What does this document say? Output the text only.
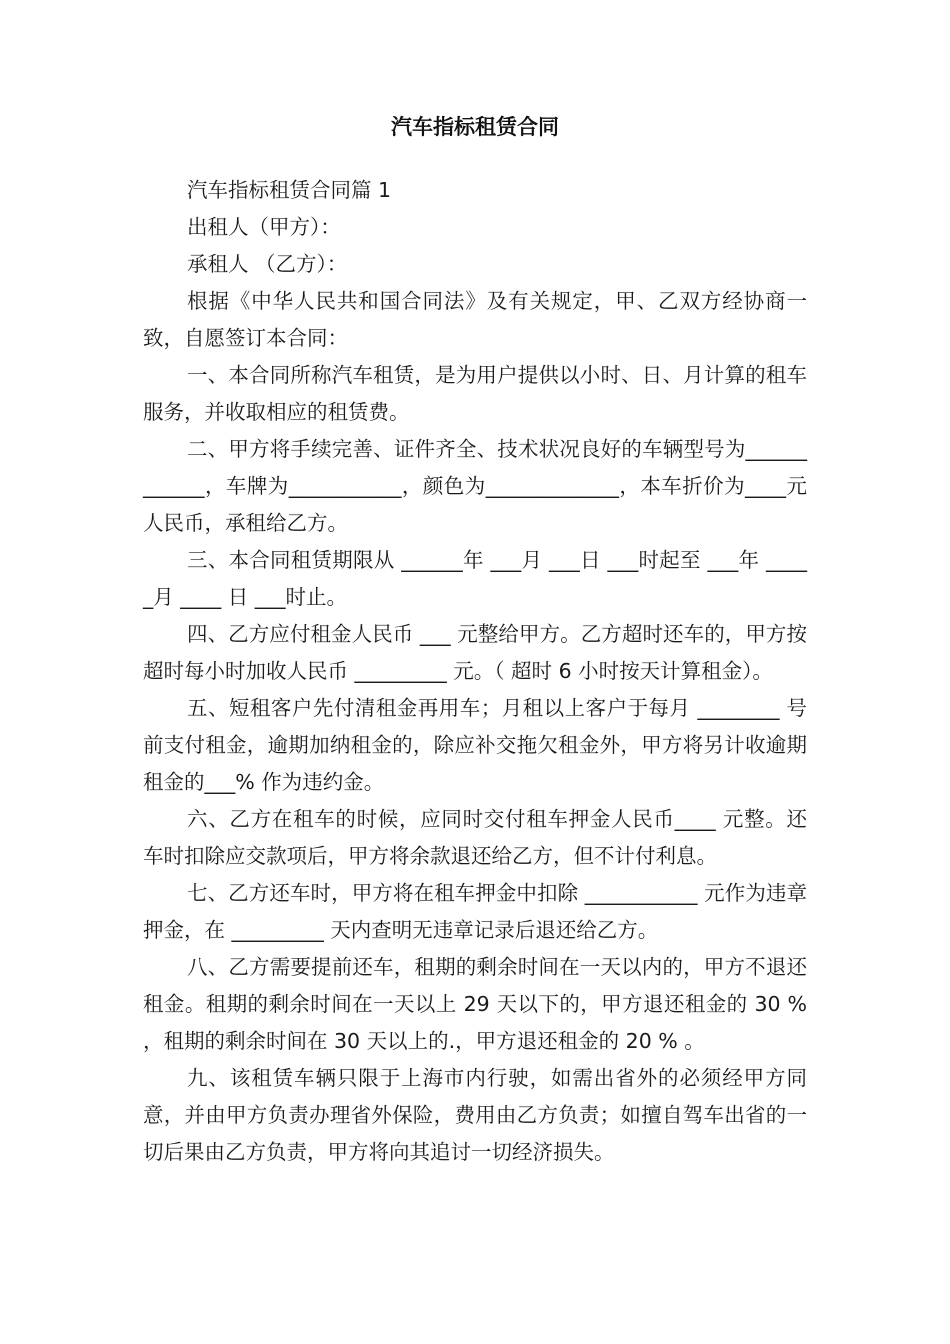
汽车指标租赁合同

汽车指标租赁合同篇 1

出租人（甲方）：

承租人 （乙方）：

根据《中华人民共和国合同法》及有关规定，甲、乙双方经协商一致，自愿签订本合同：

一、本合同所称汽车租赁，是为用户提供以小时、日、月计算的租车服务，并收取相应的租赁费。

二、甲方将手续完善、证件齐全、技术状况良好的车辆型号为____________，车牌为___________，颜色为_____________，本车折价为____元人民币，承租给乙方。

三、本合同租赁期限从 ______年 ___月 ___日 ___时起至 ___年 _____月 ____ 日 ___时止。

四、乙方应付租金人民币 ___ 元整给甲方。乙方超时还车的，甲方按超时每小时加收人民币 _________ 元。（ 超时 6 小时按天计算租金）。

五、短租客户先付清租金再用车；月租以上客户于每月 ________ 号前支付租金，逾期加纳租金的，除应补交拖欠租金外，甲方将另计收逾期租金的___% 作为违约金。

六、乙方在租车的时候，应同时交付租车押金人民币____ 元整。还车时扣除应交款项后，甲方将余款退还给乙方，但不计付利息。

七、乙方还车时，甲方将在租车押金中扣除 ___________ 元作为违章押金，在 _________ 天内查明无违章记录后退还给乙方。

八、乙方需要提前还车，租期的剩余时间在一天以内的，甲方不退还租金。租期的剩余时间在一天以上 29 天以下的，甲方退还租金的 30 % ，租期的剩余时间在 30 天以上的.，甲方退还租金的 20 % 。

九、该租赁车辆只限于上海市内行驶，如需出省外的必须经甲方同意，并由甲方负责办理省外保险，费用由乙方负责；如擅自驾车出省的一切后果由乙方负责，甲方将向其追讨一切经济损失。
